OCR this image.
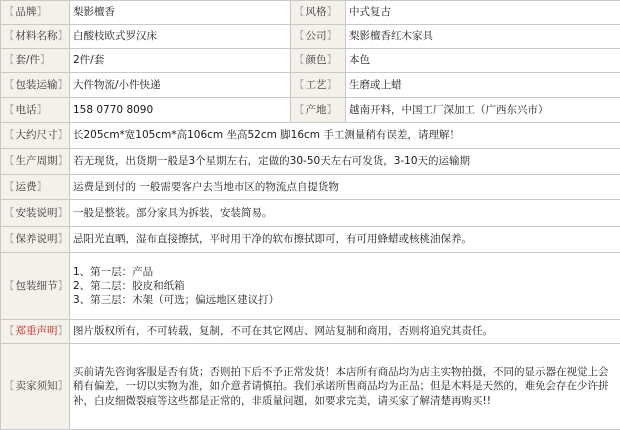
【品牌】	梨影檀香	【风格】	中式复古
【材料名称】	白酸枝欧式罗汉床	【公司】	梨影檀香红木家具
【套/件】	2件/套	【颜色】	本色
【包装运输】	大件物流/小件快递	【工艺】	生磨或上蜡
【电话】	158 0770 8090	【产地】	越南开料，中国工厂深加工（广西东兴市）
【大约尺寸】	长205cm*宽105cm*高106cm 坐高52cm 脚16cm 手工测量稍有误差，请理解！		
【生产周期】	若无现货，出货期一般是3个星期左右，定做的30-50天左右可发货，3-10天的运输期		
【运费】	运费是到付的 一般需要客户去当地市区的物流点自提货物		
【安装说明】	一般是整装。部分家具为拆装，安装简易。		
【保养说明】	忌阳光直晒，湿布直接擦拭，平时用干净的软布擦拭即可，有可用蜂蜡或核桃油保养。		
【包装细节】	1、第一层：产品
2、第二层：胶皮和纸箱
3、第三层：木架（可选；偏远地区建议打）		

【郑重声明】	图片版权所有，不可转载，复制，不可在其它网店、网站复制和商用，否则将追究其责任。		
【卖家须知】	买前请先咨询客服是否有货；否则拍下后不予正常发货！本店所有商品均为店主实物拍摄，不同的显示器在视觉上会稍有偏差，一切以实物为准，如介意者请慎拍。我们承诺所售商品均为正品；但是木料是天然的，难免会存在少许拼补，白皮细微裂痕等这些都是正常的，非质量问题，如要求完美，请买家了解清楚再购买!!		
